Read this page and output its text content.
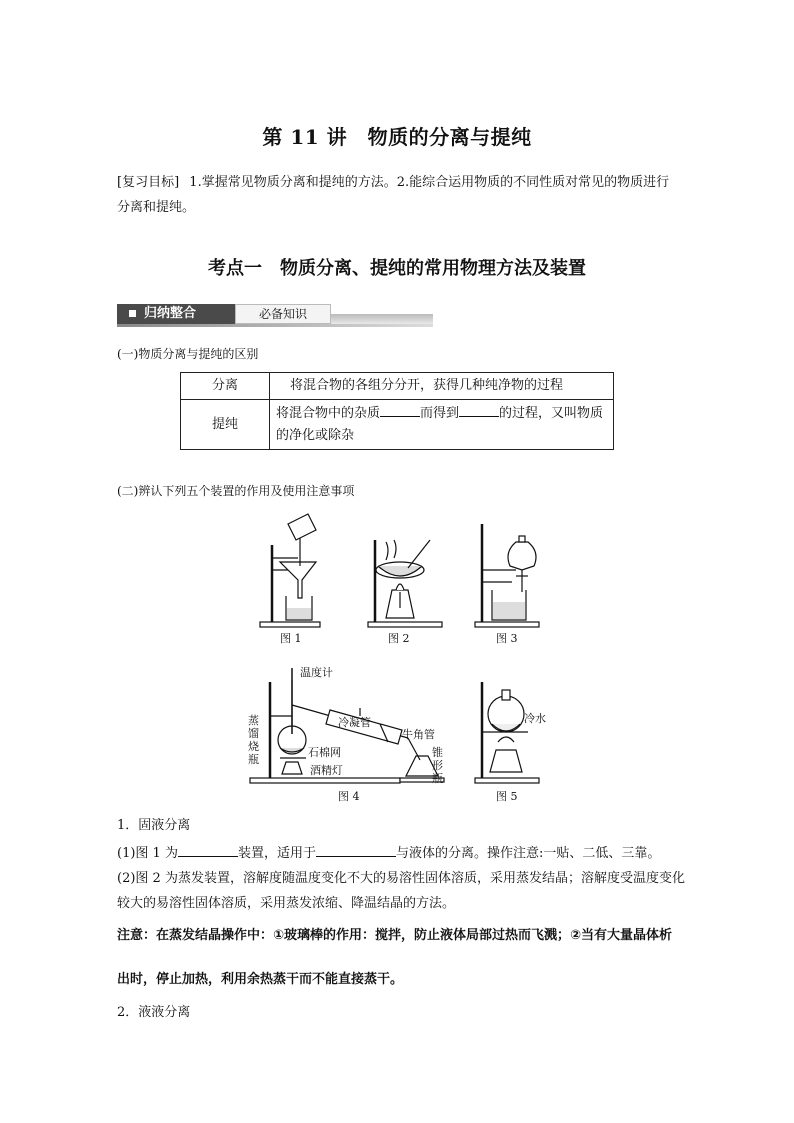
第 11 讲　物质的分离与提纯
[复习目标] 1.掌握常见物质分离和提纯的方法。2.能综合运用物质的不同性质对常见的物质进行分离和提纯。
考点一　物质分离、提纯的常用物理方法及装置
归纳整合	必备知识
(一)物质分离与提纯的区别
分离	将混合物的各组分分开，获得几种纯净物的过程
提纯	将混合物中的杂质 而得到 的过程，又叫物质的净化或除杂
(二)辨认下列五个装置的作用及使用注意事项
图 1	图 2	图 3
温度计
蒸
馏
烧
瓶
冷凝管
牛角管
石棉网
酒精灯
锥
形
瓶
冷水
图 4	图 5
1．固液分离
(1)图 1 为	装置，适用于	与液体的分离。操作注意:一贴、二低、三靠。
(2)图 2 为蒸发装置，溶解度随温度变化不大的易溶性固体溶质，采用蒸发结晶；溶解度受温度变化较大的易溶性固体溶质，采用蒸发浓缩、降温结晶的方法。
注意：在蒸发结晶操作中：①玻璃棒的作用：搅拌，防止液体局部过热而飞溅；②当有大量晶体析出时，停止加热，利用余热蒸干而不能直接蒸干。
2．液液分离
